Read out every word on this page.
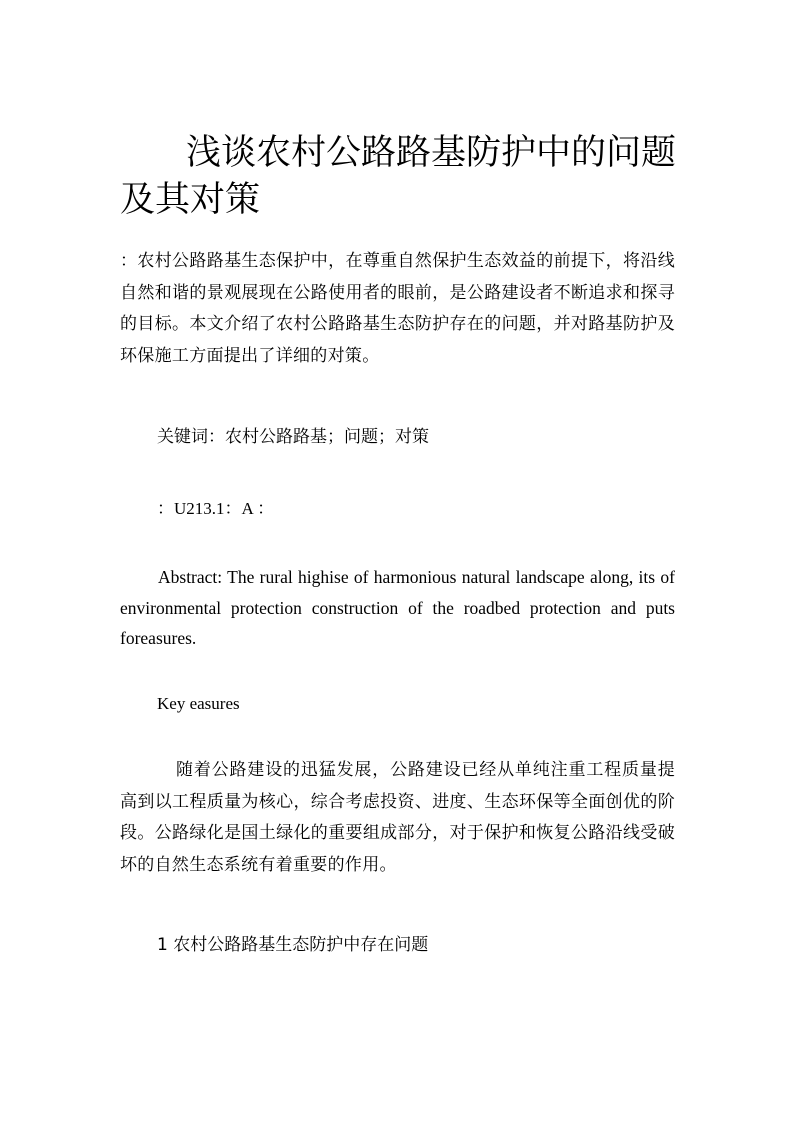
浅谈农村公路路基防护中的问题及其对策

：农村公路路基生态保护中，在尊重自然保护生态效益的前提下，将沿线自然和谐的景观展现在公路使用者的眼前，是公路建设者不断追求和探寻的目标。本文介绍了农村公路路基生态防护存在的问题，并对路基防护及环保施工方面提出了详细的对策。

关键词：农村公路路基；问题；对策

：U213.1：A ：

Abstract: The rural highise of harmonious natural landscape along, its of environmental protection construction of the roadbed protection and puts foreasures.

Key easures

随着公路建设的迅猛发展，公路建设已经从单纯注重工程质量提高到以工程质量为核心，综合考虑投资、进度、生态环保等全面创优的阶段。公路绿化是国土绿化的重要组成部分，对于保护和恢复公路沿线受破坏的自然生态系统有着重要的作用。

1 农村公路路基生态防护中存在问题
